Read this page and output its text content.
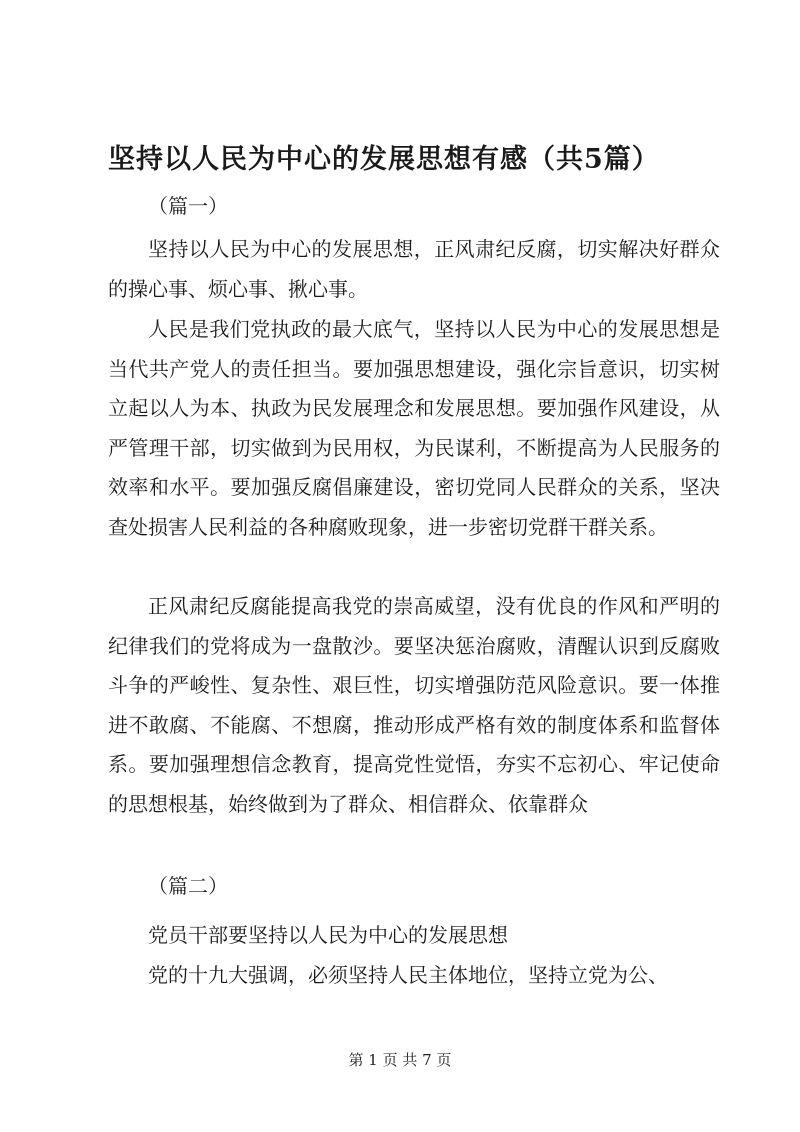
坚持以人民为中心的发展思想有感（共5篇）
（篇一）

坚持以人民为中心的发展思想，正风肃纪反腐，切实解决好群众的操心事、烦心事、揪心事。

人民是我们党执政的最大底气，坚持以人民为中心的发展思想是当代共产党人的责任担当。要加强思想建设，强化宗旨意识，切实树立起以人为本、执政为民发展理念和发展思想。要加强作风建设，从严管理干部，切实做到为民用权，为民谋利，不断提高为人民服务的效率和水平。要加强反腐倡廉建设，密切党同人民群众的关系，坚决查处损害人民利益的各种腐败现象，进一步密切党群干群关系。

正风肃纪反腐能提高我党的崇高威望，没有优良的作风和严明的纪律我们的党将成为一盘散沙。要坚决惩治腐败，清醒认识到反腐败斗争的严峻性、复杂性、艰巨性，切实增强防范风险意识。要一体推进不敢腐、不能腐、不想腐，推动形成严格有效的制度体系和监督体系。要加强理想信念教育，提高党性觉悟，夯实不忘初心、牢记使命的思想根基，始终做到为了群众、相信群众、依靠群众

（篇二）

党员干部要坚持以人民为中心的发展思想

党的十九大强调，必须坚持人民主体地位，坚持立党为公、

第 1 页 共 7 页
